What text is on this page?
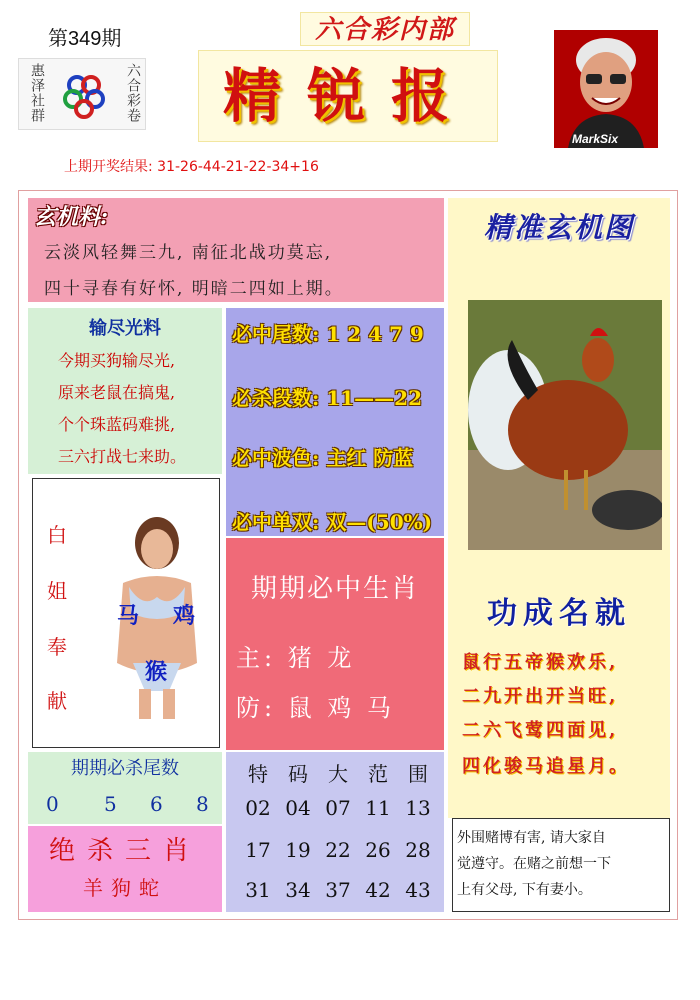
第349期
惠泽社群	六合彩卷
六合彩内部
精锐报
MarkSix
上期开奖结果: 31-26-44-21-22-34+16
玄机料:
云淡风轻舞三九, 南征北战功莫忘,
四十寻春有好怀, 明暗二四如上期。
输尽光料
今期买狗输尽光,
原来老鼠在搞鬼,
个个珠蓝码难挑,
三六打战七来助。
必中尾数: 1 2 4 7 9
必杀段数: 11——22
必中波色: 主红 防蓝
必中单双: 双—(50%)
精准玄机图
功成名就
鼠行五帝猴欢乐,
二九开出开当旺,
二六飞莺四面见,
四化骏马追星月。
白
姐
奉
献
马 鸡
猴
期期必中生肖
主: 猪 龙
防: 鼠 鸡 马
期期必杀尾数
0 5 6 8
绝杀三肖
羊狗蛇
特 码 大 范 围
02 04 07 11 13
17 19 22 26 28
31 34 37 42 43
外围赌博有害, 请大家自
觉遵守。在赌之前想一下
上有父母, 下有妻小。
